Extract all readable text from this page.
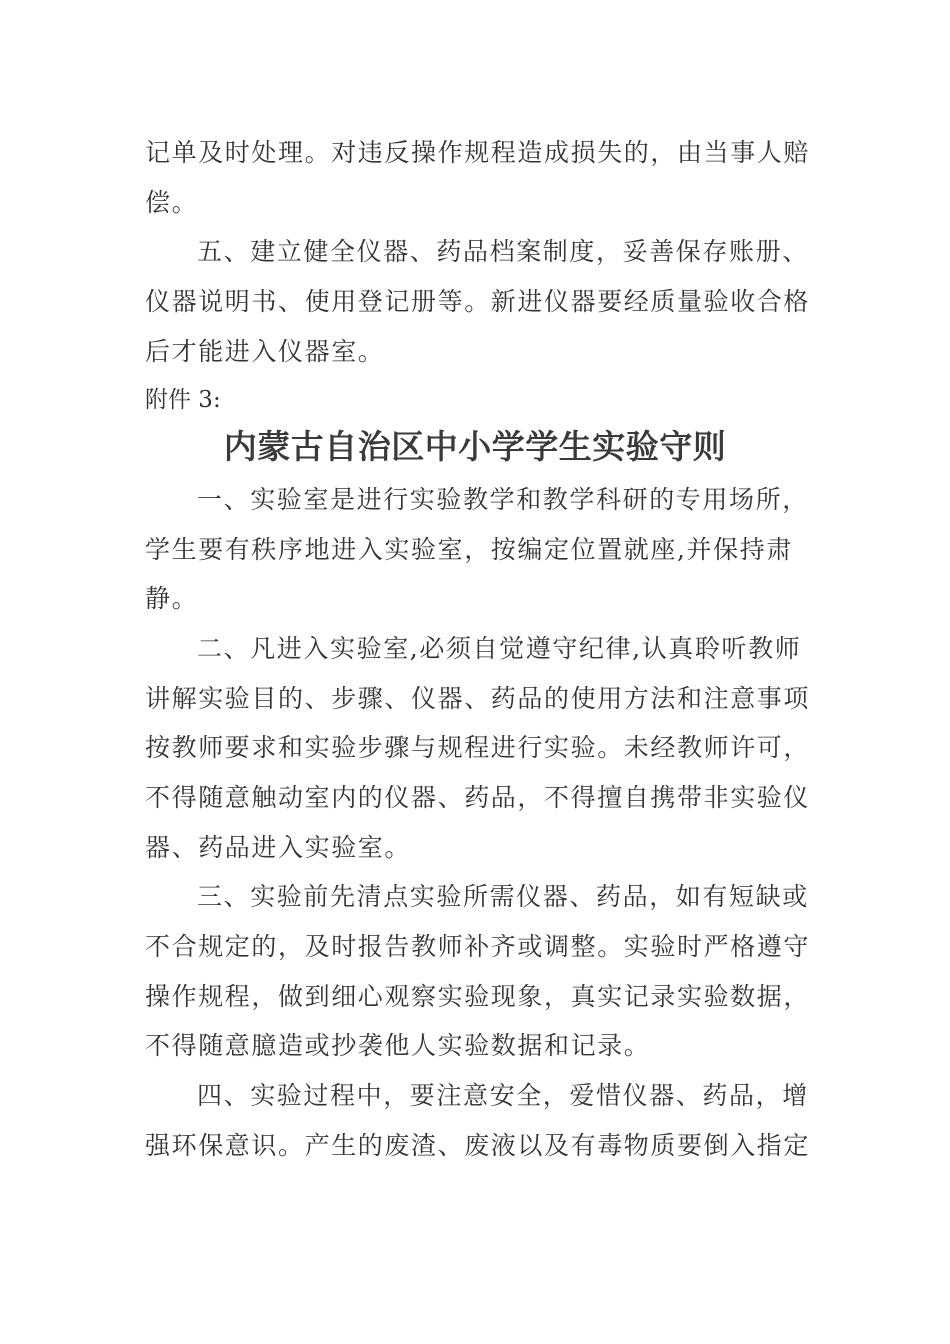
记单及时处理。对违反操作规程造成损失的，由当事人赔
偿。
五、建立健全仪器、药品档案制度，妥善保存账册、
仪器说明书、使用登记册等。新进仪器要经质量验收合格
后才能进入仪器室。
附件 3:
内蒙古自治区中小学学生实验守则
一、实验室是进行实验教学和教学科研的专用场所，
学生要有秩序地进入实验室，按编定位置就座,并保持肃
静。
二、凡进入实验室,必须自觉遵守纪律,认真聆听教师
讲解实验目的、步骤、仪器、药品的使用方法和注意事项
按教师要求和实验步骤与规程进行实验。未经教师许可，
不得随意触动室内的仪器、药品，不得擅自携带非实验仪
器、药品进入实验室。
三、实验前先清点实验所需仪器、药品，如有短缺或
不合规定的，及时报告教师补齐或调整。实验时严格遵守
操作规程，做到细心观察实验现象，真实记录实验数据，
不得随意臆造或抄袭他人实验数据和记录。
四、实验过程中，要注意安全，爱惜仪器、药品，增
强环保意识。产生的废渣、废液以及有毒物质要倒入指定
